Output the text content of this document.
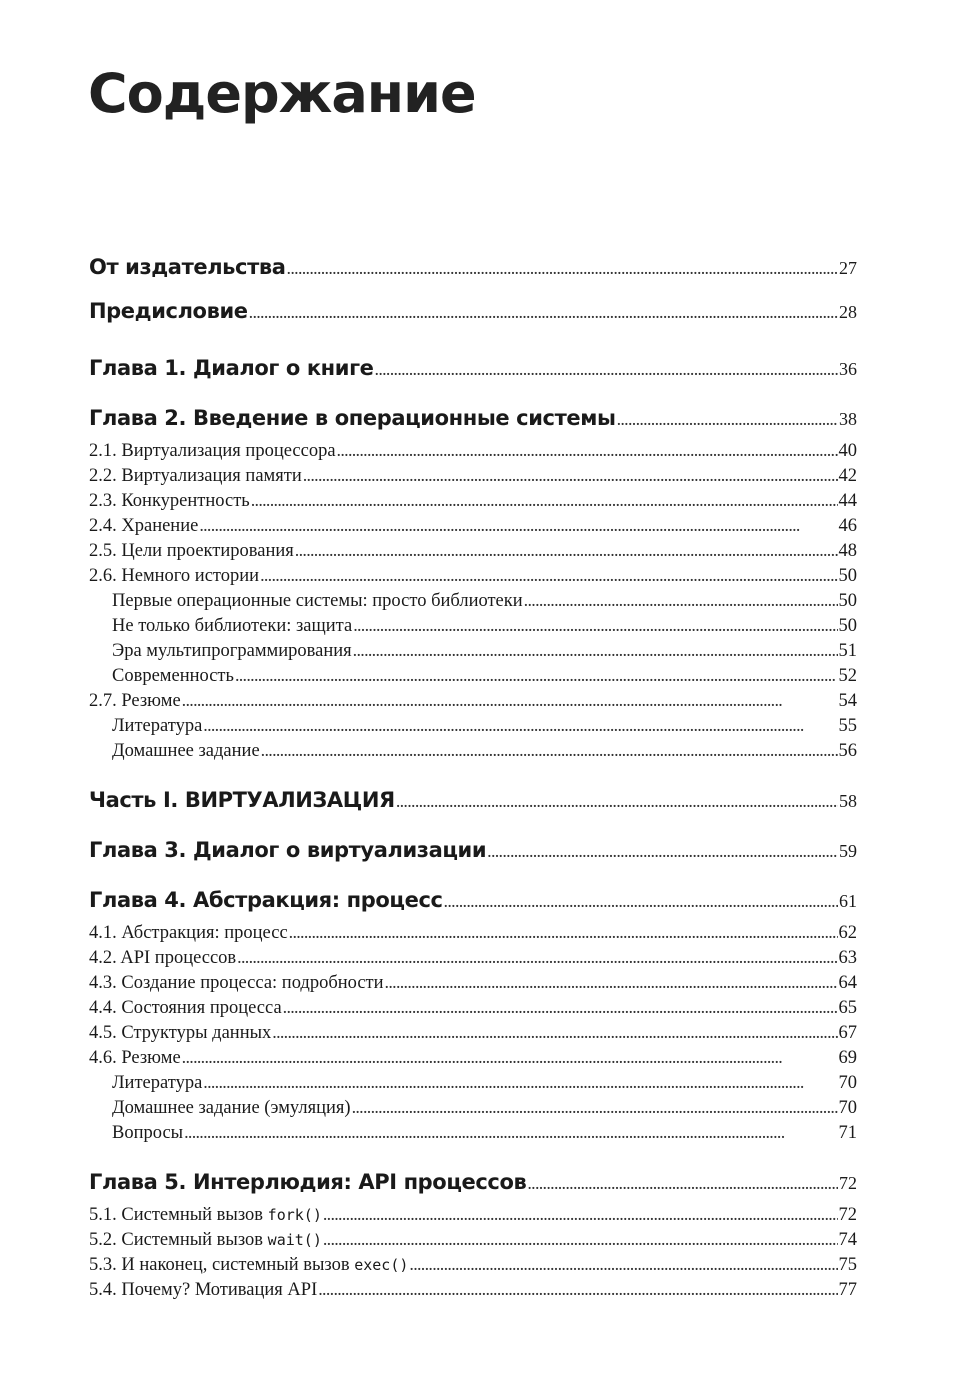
Содержание
От издательства . . .	27
Предисловие . . .	28
Глава 1. Диалог о книге . . .	36
Глава 2. Введение в операционные системы . . .	38
2.1. Виртуализация процессора . . .	40
2.2. Виртуализация памяти . . .	42
2.3. Конкурентность . . .	44
2.4. Хранение . . .	46
2.5. Цели проектирования . . .	48
2.6. Немного истории . . .	50
Первые операционные системы: просто библиотеки . . .	50
Не только библиотеки: защита . . .	50
Эра мультипрограммирования . . .	51
Современность . . .	52
2.7. Резюме . . .	54
Литература . . .	55
Домашнее задание . . .	56
Часть I. ВИРТУАЛИЗАЦИЯ . . .	58
Глава 3. Диалог о виртуализации . . .	59
Глава 4. Абстракция: процесс . . .	61
4.1. Абстракция: процесс . . .	62
4.2. API процессов . . .	63
4.3. Создание процесса: подробности . . .	64
4.4. Состояния процесса . . .	65
4.5. Структуры данных . . .	67
4.6. Резюме . . .	69
Литература . . .	70
Домашнее задание (эмуляция) . . .	70
Вопросы . . .	71
Глава 5. Интерлюдия: API процессов . . .	72
5.1. Системный вызов fork() . . .	72
5.2. Системный вызов wait() . . .	74
5.3. И наконец, системный вызов exec() . . .	75
5.4. Почему? Мотивация API . . .	77
